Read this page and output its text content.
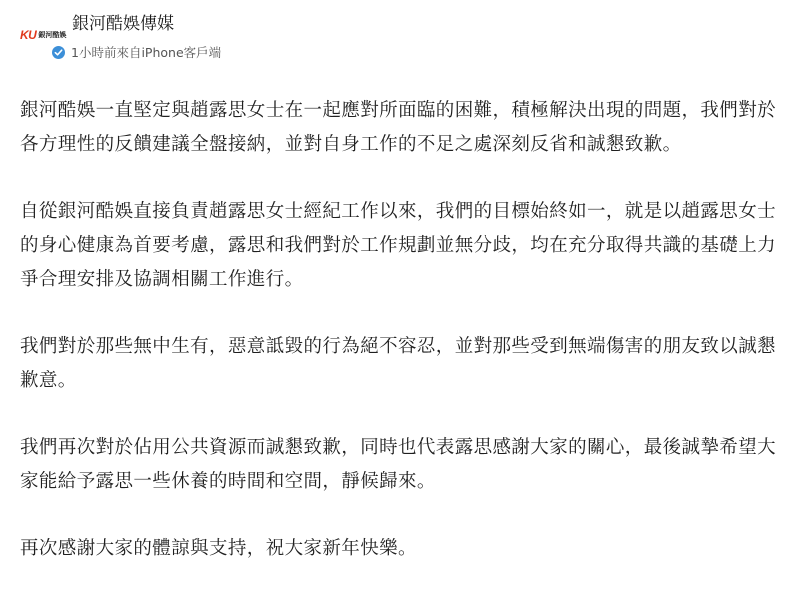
KU 銀河酷娛
銀河酷娛傳媒
1小時前來自iPhone客戶端

銀河酷娛一直堅定與趙露思女士在一起應對所面臨的困難，積極解決出現的問題，我們對於各方理性的反饋建議全盤接納，並對自身工作的不足之處深刻反省和誠懇致歉。

自從銀河酷娛直接負責趙露思女士經紀工作以來，我們的目標始終如一，就是以趙露思女士的身心健康為首要考慮，露思和我們對於工作規劃並無分歧，均在充分取得共識的基礎上力爭合理安排及協調相關工作進行。

我們對於那些無中生有，惡意詆毀的行為絕不容忍，並對那些受到無端傷害的朋友致以誠懇歉意。

我們再次對於佔用公共資源而誠懇致歉，同時也代表露思感謝大家的關心，最後誠摯希望大家能給予露思一些休養的時間和空間，靜候歸來。

再次感謝大家的體諒與支持，祝大家新年快樂。
